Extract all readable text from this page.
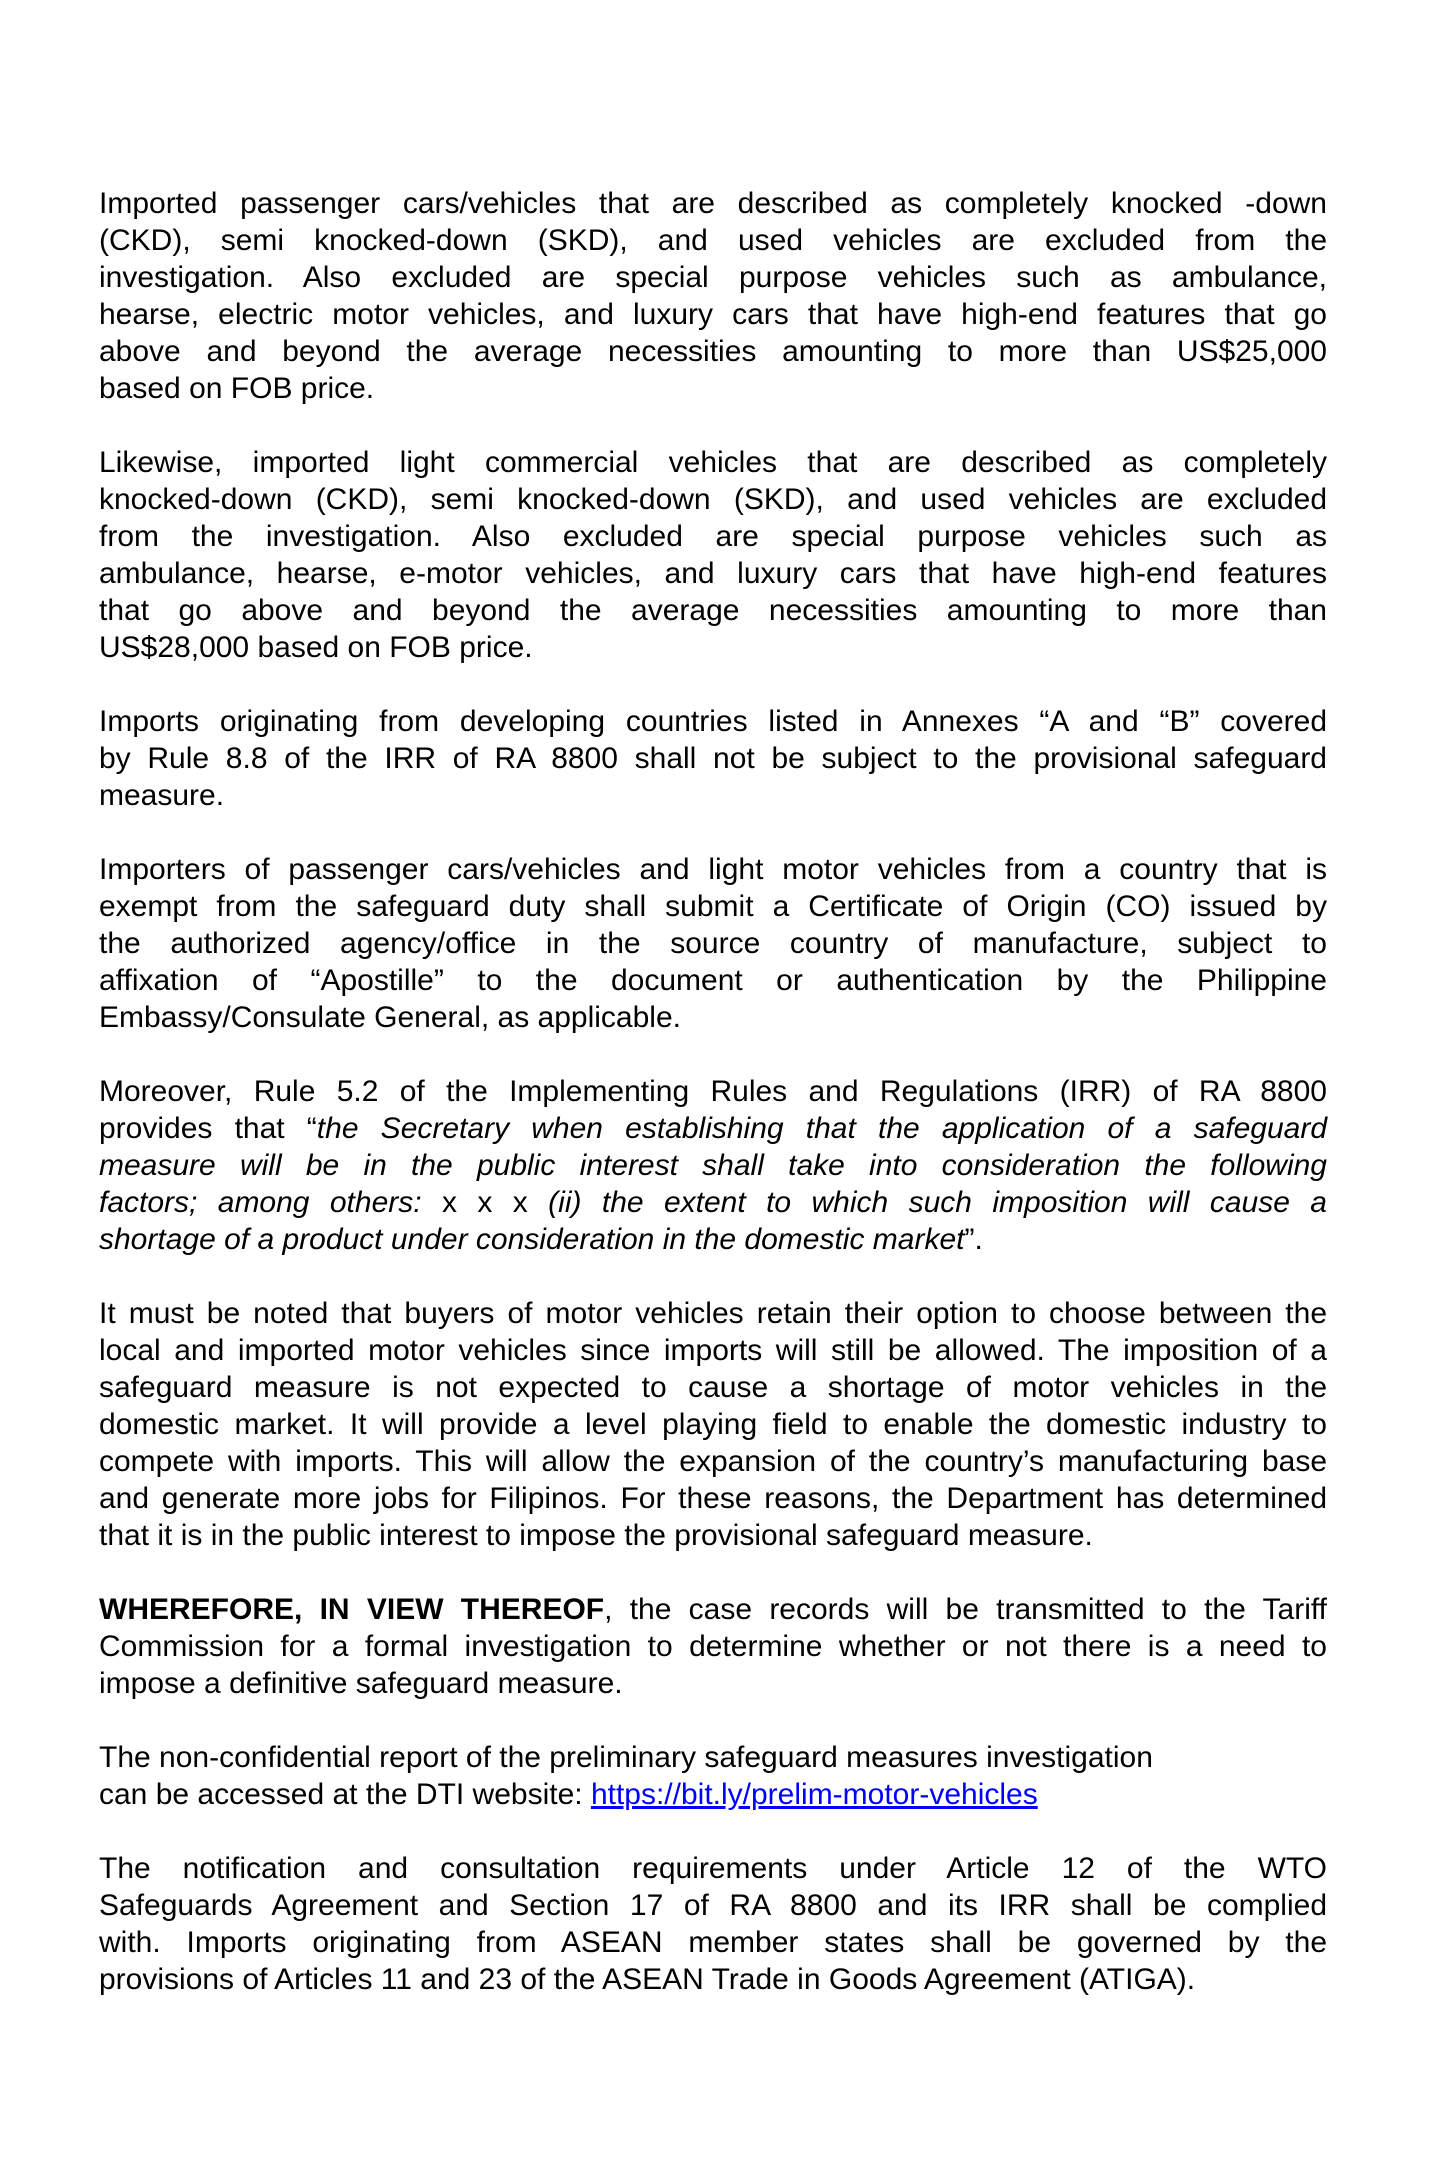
Imported passenger cars/vehicles that are described as completely knocked -down
(CKD), semi knocked-down (SKD), and used vehicles are excluded from the
investigation. Also excluded are special purpose vehicles such as ambulance,
hearse, electric motor vehicles, and luxury cars that have high-end features that go
above and beyond the average necessities amounting to more than US$25,000
based on FOB price.
Likewise, imported light commercial vehicles that are described as completely
knocked-down (CKD), semi knocked-down (SKD), and used vehicles are excluded
from the investigation. Also excluded are special purpose vehicles such as
ambulance, hearse, e-motor vehicles, and luxury cars that have high-end features
that go above and beyond the average necessities amounting to more than
US$28,000 based on FOB price.
Imports originating from developing countries listed in Annexes “A and “B” covered
by Rule 8.8 of the IRR of RA 8800 shall not be subject to the provisional safeguard
measure.
Importers of passenger cars/vehicles and light motor vehicles from a country that is
exempt from the safeguard duty shall submit a Certificate of Origin (CO) issued by
the authorized agency/office in the source country of manufacture, subject to
affixation of “Apostille” to the document or authentication by the Philippine
Embassy/Consulate General, as applicable.
Moreover, Rule 5.2 of the Implementing Rules and Regulations (IRR) of RA 8800
provides that “the Secretary when establishing that the application of a safeguard
measure will be in the public interest shall take into consideration the following
factors; among others: x x x (ii) the extent to which such imposition will cause a
shortage of a product under consideration in the domestic market”.
It must be noted that buyers of motor vehicles retain their option to choose between the
local and imported motor vehicles since imports will still be allowed. The imposition of a
safeguard measure is not expected to cause a shortage of motor vehicles in the
domestic market. It will provide a level playing field to enable the domestic industry to
compete with imports. This will allow the expansion of the country’s manufacturing base
and generate more jobs for Filipinos. For these reasons, the Department has determined
that it is in the public interest to impose the provisional safeguard measure.
WHEREFORE, IN VIEW THEREOF, the case records will be transmitted to the Tariff
Commission for a formal investigation to determine whether or not there is a need to
impose a definitive safeguard measure.
The non-confidential report of the preliminary safeguard measures investigation
can be accessed at the DTI website: https://bit.ly/prelim-motor-vehicles
The notification and consultation requirements under Article 12 of the WTO
Safeguards Agreement and Section 17 of RA 8800 and its IRR shall be complied
with. Imports originating from ASEAN member states shall be governed by the
provisions of Articles 11 and 23 of the ASEAN Trade in Goods Agreement (ATIGA).
